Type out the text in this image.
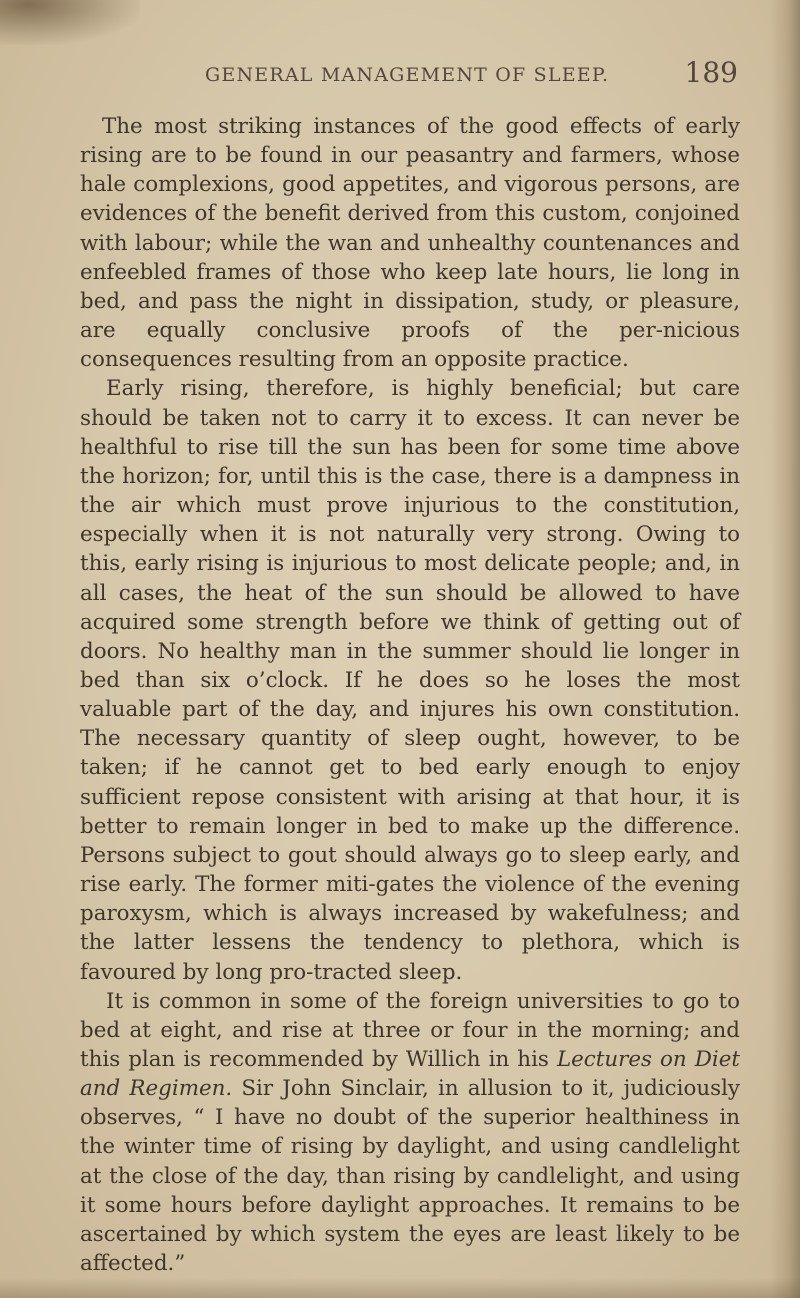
GENERAL MANAGEMENT OF SLEEP.	189

The most striking instances of the good effects of early rising are to be found in our peasantry and farmers, whose hale complexions, good appetites, and vigorous persons, are evidences of the benefit derived from this custom, conjoined with labour; while the wan and unhealthy countenances and enfeebled frames of those who keep late hours, lie long in bed, and pass the night in dissipation, study, or pleasure, are equally conclusive proofs of the per-nicious consequences resulting from an opposite practice.

Early rising, therefore, is highly beneficial; but care should be taken not to carry it to excess. It can never be healthful to rise till the sun has been for some time above the horizon; for, until this is the case, there is a dampness in the air which must prove injurious to the constitution, especially when it is not naturally very strong. Owing to this, early rising is injurious to most delicate people; and, in all cases, the heat of the sun should be allowed to have acquired some strength before we think of getting out of doors. No healthy man in the summer should lie longer in bed than six o’clock. If he does so he loses the most valuable part of the day, and injures his own constitution. The necessary quantity of sleep ought, however, to be taken; if he cannot get to bed early enough to enjoy sufficient repose consistent with arising at that hour, it is better to remain longer in bed to make up the difference. Persons subject to gout should always go to sleep early, and rise early. The former miti-gates the violence of the evening paroxysm, which is always increased by wakefulness; and the latter lessens the tendency to plethora, which is favoured by long pro-tracted sleep.

It is common in some of the foreign universities to go to bed at eight, and rise at three or four in the morning; and this plan is recommended by Willich in his Lectures on Diet and Regimen. Sir John Sinclair, in allusion to it, judiciously observes, “ I have no doubt of the superior healthiness in the winter time of rising by daylight, and using candlelight at the close of the day, than rising by candlelight, and using it some hours before daylight approaches. It remains to be ascertained by which system the eyes are least likely to be affected.”
